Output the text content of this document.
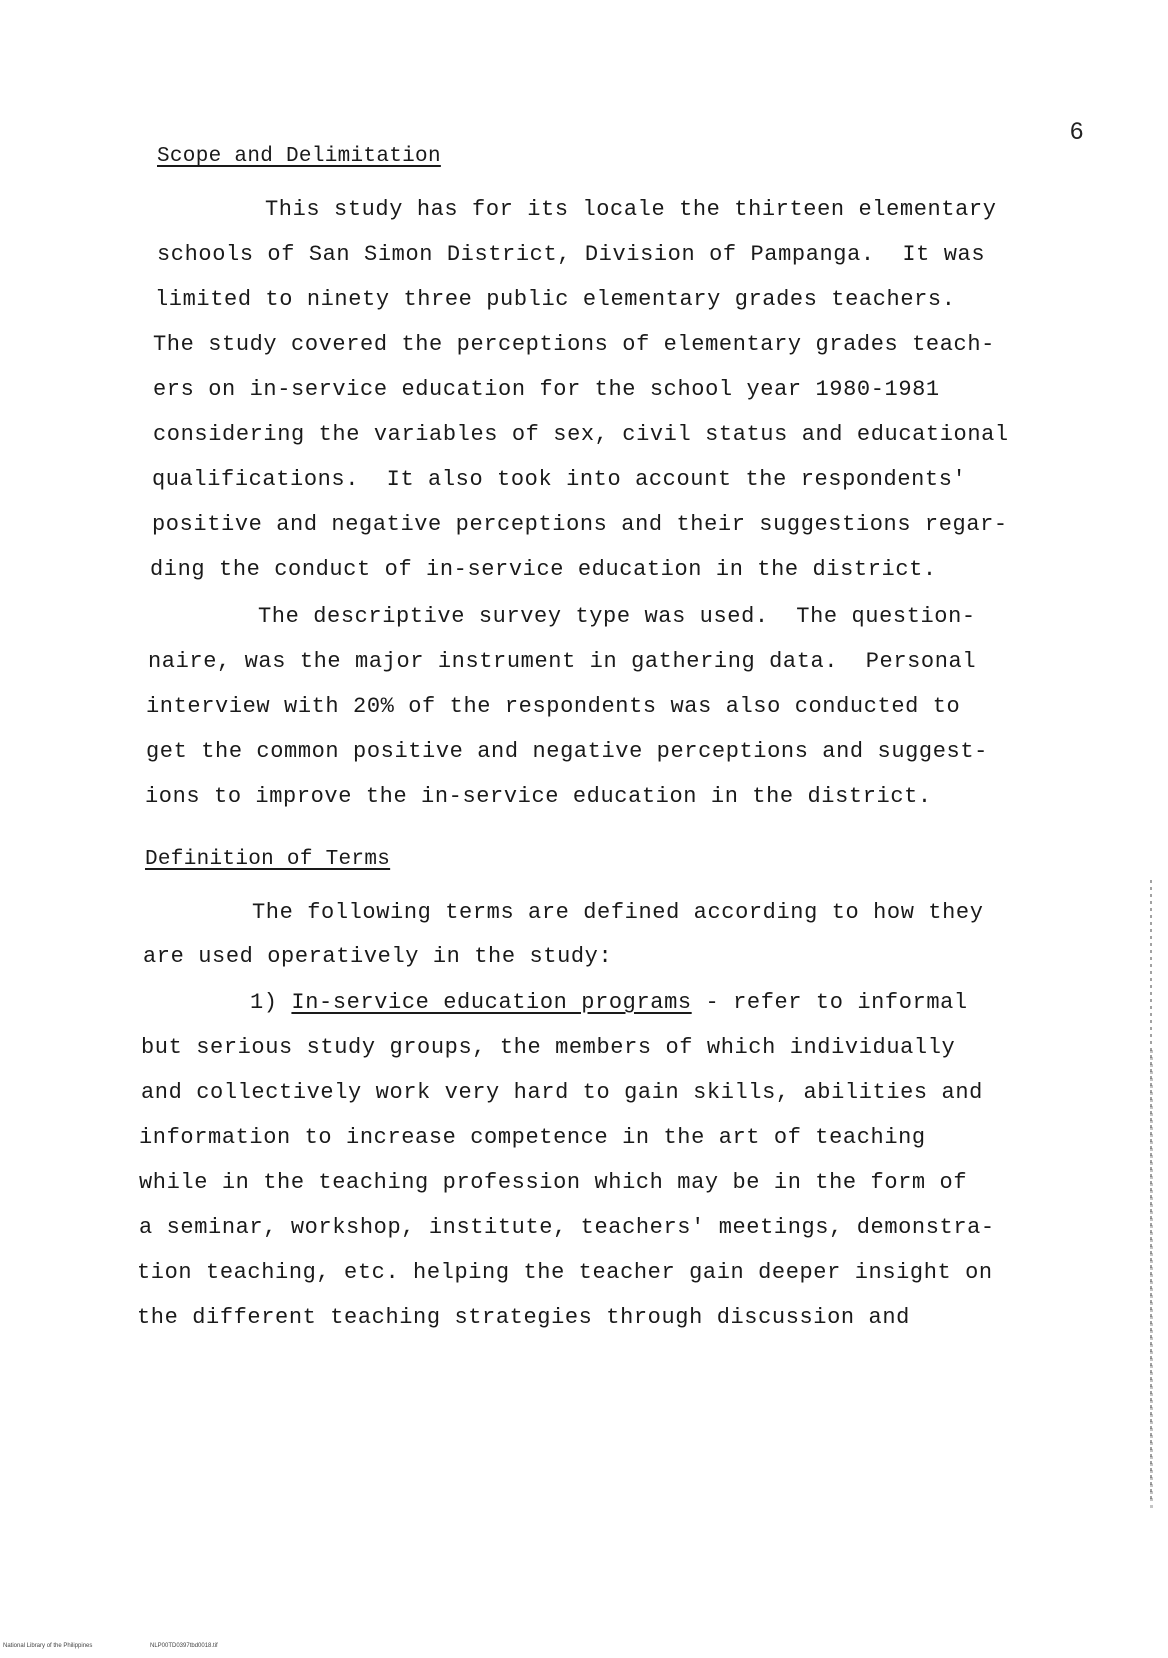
6
Scope and Delimitation
This study has for its locale the thirteen elementary
schools of San Simon District, Division of Pampanga.  It was
limited to ninety three public elementary grades teachers.
The study covered the perceptions of elementary grades teach-
ers on in-service education for the school year 1980-1981
considering the variables of sex, civil status and educational
qualifications.  It also took into account the respondents'
positive and negative perceptions and their suggestions regar-
ding the conduct of in-service education in the district.
The descriptive survey type was used.  The question-
naire, was the major instrument in gathering data.  Personal
interview with 20% of the respondents was also conducted to
get the common positive and negative perceptions and suggest-
ions to improve the in-service education in the district.
Definition of Terms
The following terms are defined according to how they
are used operatively in the study:
1) In-service education programs - refer to informal
but serious study groups, the members of which individually
and collectively work very hard to gain skills, abilities and
information to increase competence in the art of teaching
while in the teaching profession which may be in the form of
a seminar, workshop, institute, teachers' meetings, demonstra-
tion teaching, etc. helping the teacher gain deeper insight on
the different teaching strategies through discussion and
National Library of the Philippines	NLP00TD0397tbd0018.tif
